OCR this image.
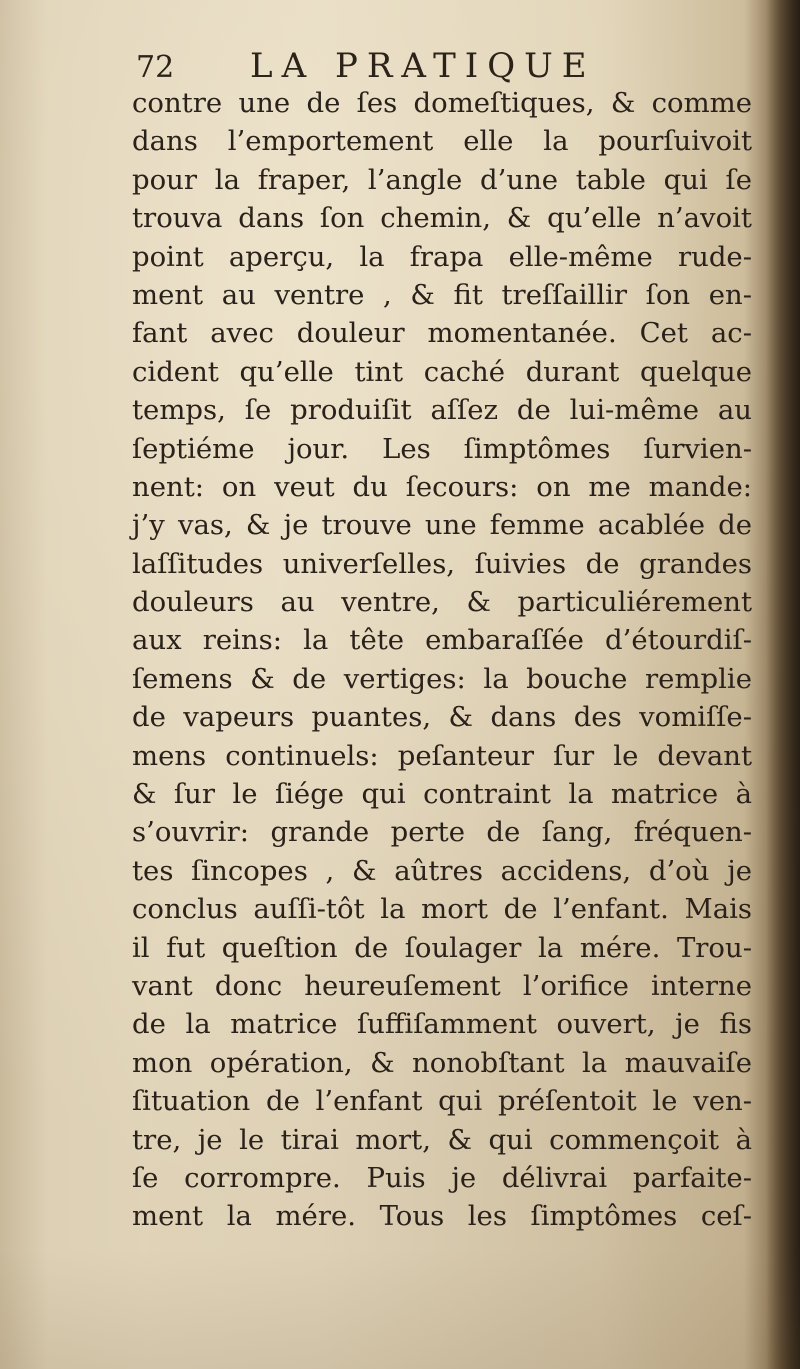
72 LA PRATIQUE
contre une de ſes domeſtiques, & comme
dans l’emportement elle la pourſuivoit
pour la fraper, l’angle d’une table qui ſe
trouva dans ſon chemin, & qu’elle n’avoit
point aperçu, la frapa elle-même rude-
ment au ventre , & fit treſſaillir ſon en-
fant avec douleur momentanée. Cet ac-
cident qu’elle tint caché durant quelque
temps, ſe produiſit aſſez de lui-même au
ſeptiéme jour. Les ſimptômes ſurvien-
nent: on veut du ſecours: on me mande:
j’y vas, & je trouve une femme acablée de
laſſitudes univerſelles, ſuivies de grandes
douleurs au ventre, & particuliérement
aux reins: la tête embaraſſée d’étourdiſ-
ſemens & de vertiges: la bouche remplie
de vapeurs puantes, & dans des vomiſſe-
mens continuels: peſanteur ſur le devant
& ſur le ſiége qui contraint la matrice à
s’ouvrir: grande perte de ſang, fréquen-
tes ſincopes , & aûtres accidens, d’où je
conclus auſſi-tôt la mort de l’enfant. Mais
il fut queſtion de ſoulager la mére. Trou-
vant donc heureuſement l’orifice interne
de la matrice ſuffiſamment ouvert, je fis
mon opération, & nonobſtant la mauvaiſe
ſituation de l’enfant qui préſentoit le ven-
tre, je le tirai mort, & qui commençoit à
ſe corrompre. Puis je délivrai parfaite-
ment la mére. Tous les ſimptômes ceſ-
